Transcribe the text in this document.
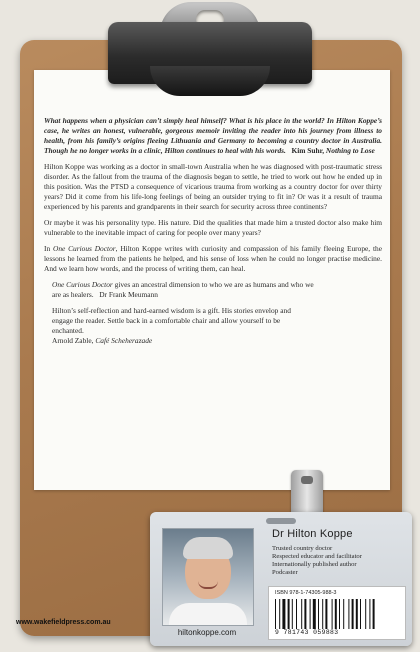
What happens when a physician can’t simply heal himself? What is his place in the world? In Hilton Koppe’s case, he writes an honest, vulnerable, gorgeous memoir inviting the reader into his journey from illness to health, from his family’s origins fleeing Lithuania and Germany to becoming a country doctor in Australia. Though he no longer works in a clinic, Hilton continues to heal with his words. Kim Suhr, Nothing to Lose

Hilton Koppe was working as a doctor in small-town Australia when he was diagnosed with post-traumatic stress disorder. As the fallout from the trauma of the diagnosis began to settle, he tried to work out how he ended up in this position. Was the PTSD a consequence of vicarious trauma from working as a country doctor for over thirty years? Did it come from his life-long feelings of being an outsider trying to fit in? Or was it a result of trauma experienced by his parents and grandparents in their search for security across three continents?

Or maybe it was his personality type. His nature. Did the qualities that made him a trusted doctor also make him vulnerable to the inevitable impact of caring for people over many years?

In One Curious Doctor, Hilton Koppe writes with curiosity and compassion of his family fleeing Europe, the lessons he learned from the patients he helped, and his sense of loss when he could no longer practise medicine. And we learn how words, and the process of writing them, can heal.

One Curious Doctor gives an ancestral dimension to who we are as humans and who we are as healers. Dr Frank Meumann

Hilton’s self-reflection and hard-earned wisdom is a gift. His stories envelop and engage the reader. Settle back in a comfortable chair and allow yourself to be enchanted.
Arnold Zable, Café Scheherazade

hiltonkoppe.com
Dr Hilton Koppe
Trusted country doctor
Respected educator and facilitator
Internationally published author
Podcaster
ISBN 978-1-74305-988-3
9 781743 059883
www.wakefieldpress.com.au
